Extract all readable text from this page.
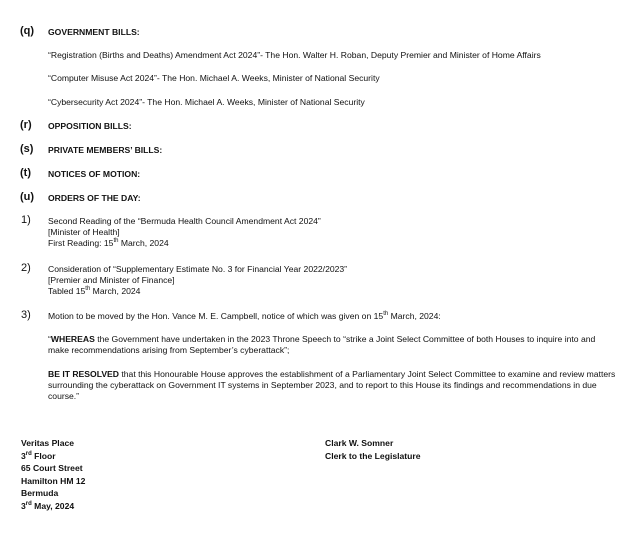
(q) GOVERNMENT BILLS:
“Registration (Births and Deaths) Amendment Act 2024”- The Hon. Walter H. Roban, Deputy Premier and Minister of Home Affairs
“Computer Misuse Act 2024”- The Hon. Michael A. Weeks, Minister of National Security
“Cybersecurity Act 2024”- The Hon. Michael A. Weeks, Minister of National Security
(r) OPPOSITION BILLS:
(s) PRIVATE MEMBERS’ BILLS:
(t) NOTICES OF MOTION:
(u) ORDERS OF THE DAY:
1) Second Reading of the “Bermuda Health Council Amendment Act 2024”
[Minister of Health]
First Reading: 15th March, 2024
2) Consideration of “Supplementary Estimate No. 3 for Financial Year 2022/2023”
[Premier and Minister of Finance]
Tabled 15th March, 2024
3) Motion to be moved by the Hon. Vance M. E. Campbell, notice of which was given on 15th March, 2024:
“WHEREAS the Government have undertaken in the 2023 Throne Speech to “strike a Joint Select Committee of both Houses to inquire into and
make recommendations arising from September’s cyberattack”;
BE IT RESOLVED that this Honourable House approves the establishment of a Parliamentary Joint Select Committee to examine and review matters
surrounding the cyberattack on Government IT systems in September 2023, and to report to this House its findings and recommendations in due
course.”
Veritas Place
3rd Floor
65 Court Street
Hamilton HM 12
Bermuda
3rd May, 2024
Clark W. Somner
Clerk to the Legislature
